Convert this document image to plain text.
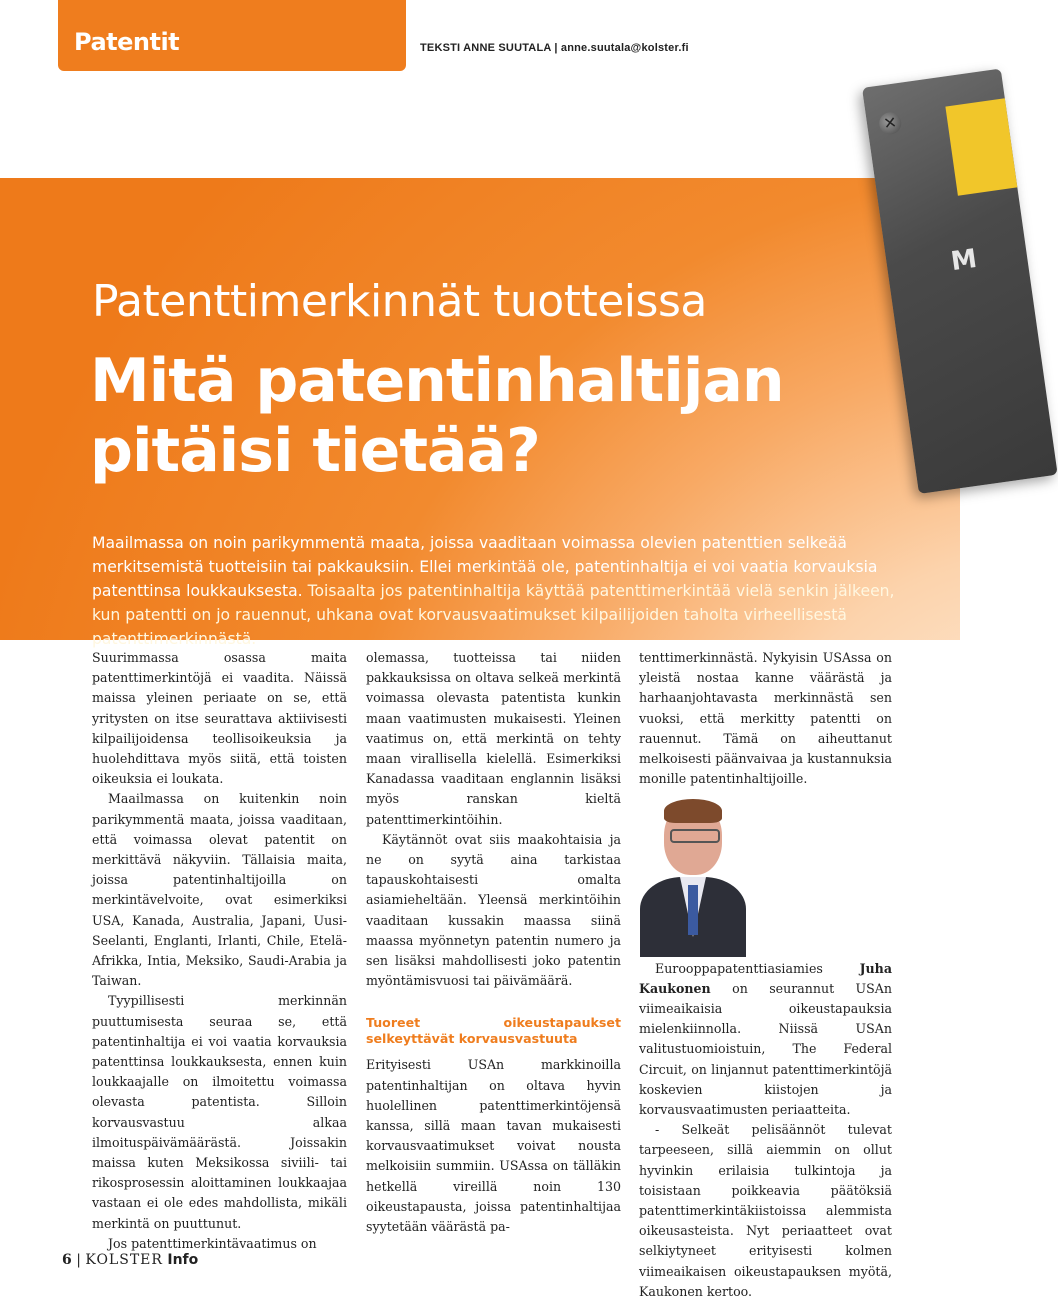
Patentit	TEKSTI ANNE SUUTALA | anne.suutala@kolster.fi
✕
M
Patenttimerkinnät tuotteissa
Mitä patentinhaltijan
pitäisi tietää?
Maailmassa on noin parikymmentä maata, joissa vaaditaan voimassa olevien patenttien selkeää merkitsemistä tuotteisiin tai pakkauksiin. Ellei merkintää ole, patentinhaltija ei voi vaatia korvauksia patenttinsa loukkauksesta. Toisaalta jos patentinhaltija käyttää patenttimerkintää vielä senkin jälkeen, kun patentti on jo rauennut, uhkana ovat korvausvaatimukset kilpailijoiden taholta virheellisestä patenttimerkinnästä.

Suurimmassa osassa maita patenttimerkintöjä ei vaadita. Näissä maissa yleinen periaate on se, että yritysten on itse seurattava aktiivisesti kilpailijoidensa teollisoikeuksia ja huolehdittava myös siitä, että toisten oikeuksia ei loukata.

Maailmassa on kuitenkin noin parikymmentä maata, joissa vaaditaan, että voimassa olevat patentit on merkittävä näkyviin. Tällaisia maita, joissa patentinhaltijoilla on merkintävelvoite, ovat esimerkiksi USA, Kanada, Australia, Japani, Uusi-Seelanti, Englanti, Irlanti, Chile, Etelä-Afrikka, Intia, Meksiko, Saudi-Arabia ja Taiwan.

Tyypillisesti merkinnän puuttumisesta seuraa se, että patentinhaltija ei voi vaatia korvauksia patenttinsa loukkauksesta, ennen kuin loukkaajalle on ilmoitettu voimassa olevasta patentista. Silloin korvausvastuu alkaa ilmoituspäivämäärästä. Joissakin maissa kuten Meksikossa siviili- tai rikosprosessin aloittaminen loukkaajaa vastaan ei ole edes mahdollista, mikäli merkintä on puuttunut.

Jos patenttimerkintävaatimus on

olemassa, tuotteissa tai niiden pakkauksissa on oltava selkeä merkintä voimassa olevasta patentista kunkin maan vaatimusten mukaisesti. Yleinen vaatimus on, että merkintä on tehty maan virallisella kielellä. Esimerkiksi Kanadassa vaaditaan englannin lisäksi myös ranskan kieltä patenttimerkintöihin.

Käytännöt ovat siis maakohtaisia ja ne on syytä aina tarkistaa tapauskohtaisesti omalta asiamieheltään. Yleensä merkintöihin vaaditaan kussakin maassa siinä maassa myönnetyn patentin numero ja sen lisäksi mahdollisesti joko patentin myöntämisvuosi tai päivämäärä.

Tuoreet oikeustapaukset selkeyttävät korvausvastuuta

Erityisesti USAn markkinoilla patentinhaltijan on oltava hyvin huolellinen patenttimerkintöjensä kanssa, sillä maan tavan mukaisesti korvausvaatimukset voivat nousta melkoisiin summiin. USAssa on tälläkin hetkellä vireillä noin 130 oikeustapausta, joissa patentinhaltijaa syytetään väärästä pa-

tenttimerkinnästä. Nykyisin USAssa on yleistä nostaa kanne väärästä ja harhaanjohtavasta merkinnästä sen vuoksi, että merkitty patentti on rauennut. Tämä on aiheuttanut melkoisesti päänvaivaa ja kustannuksia monille patentinhaltijoille.

Eurooppapatenttiasiamies Juha Kaukonen on seurannut USAn viimeaikaisia oikeustapauksia mielenkiinnolla. Niissä USAn valitustuomioistuin, The Federal Circuit, on linjannut patenttimerkintöjä koskevien kiistojen ja korvausvaatimusten periaatteita.

- Selkeät pelisäännöt tulevat tarpeeseen, sillä aiemmin on ollut hyvinkin erilaisia tulkintoja ja toisistaan poikkeavia päätöksiä patenttimerkintäkiistoissa alemmista oikeusasteista. Nyt periaatteet ovat selkiytyneet erityisesti kolmen viimeaikaisen oikeustapauksen myötä, Kaukonen kertoo.

6 | KOLSTER Info
